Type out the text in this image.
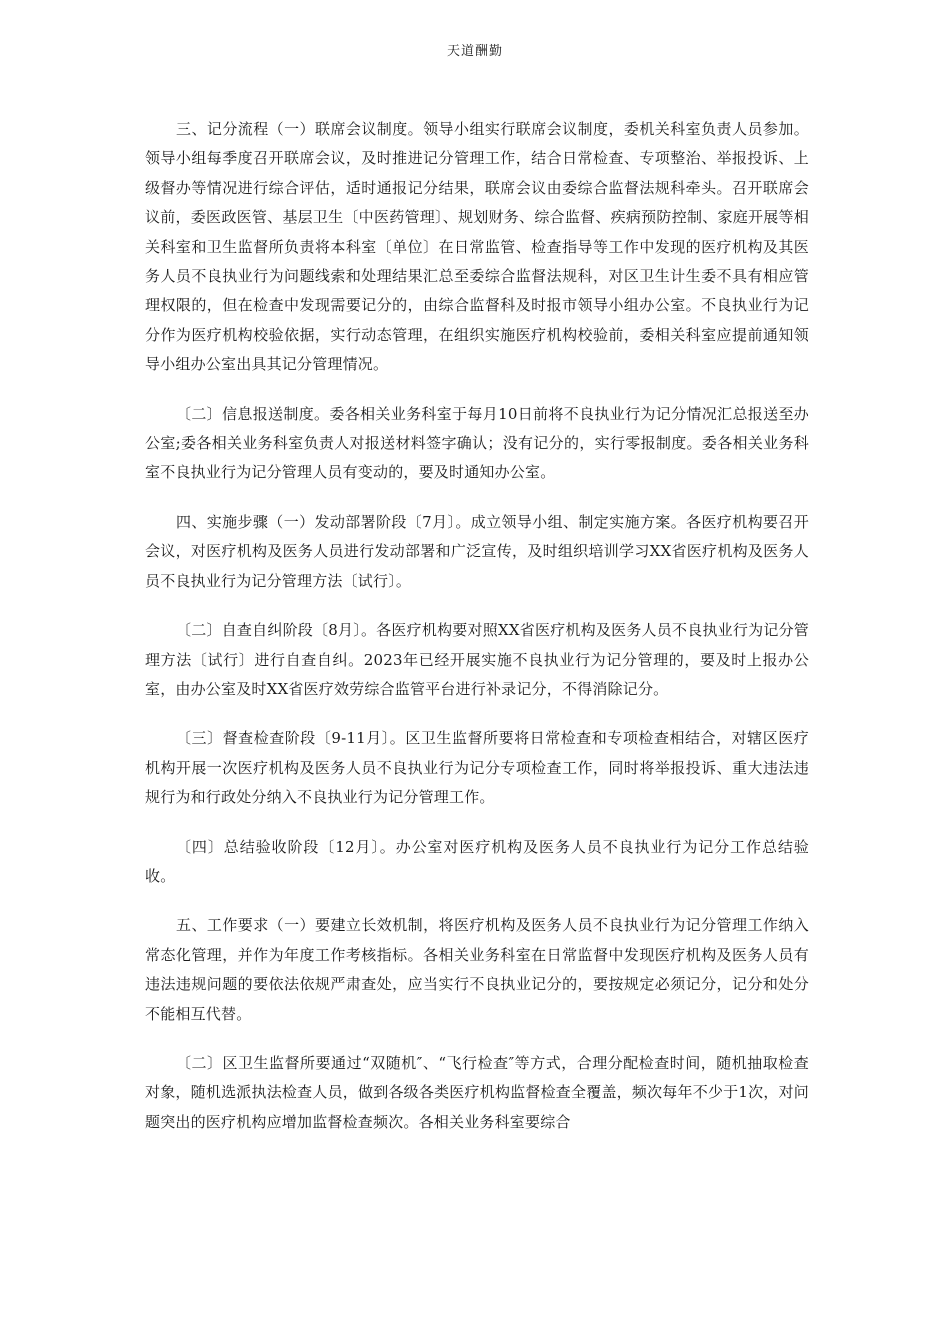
天道酬勤

三、记分流程（一）联席会议制度。领导小组实行联席会议制度，委机关科室负责人员参加。领导小组每季度召开联席会议，及时推进记分管理工作，结合日常检查、专项整治、举报投诉、上级督办等情况进行综合评估，适时通报记分结果，联席会议由委综合监督法规科牵头。召开联席会议前，委医政医管、基层卫生〔中医药管理〕、规划财务、综合监督、疾病预防控制、家庭开展等相关科室和卫生监督所负责将本科室〔单位〕在日常监管、检查指导等工作中发现的医疗机构及其医务人员不良执业行为问题线索和处理结果汇总至委综合监督法规科，对区卫生计生委不具有相应管理权限的，但在检查中发现需要记分的，由综合监督科及时报市领导小组办公室。不良执业行为记分作为医疗机构校验依据，实行动态管理，在组织实施医疗机构校验前，委相关科室应提前通知领导小组办公室出具其记分管理情况。

〔二〕信息报送制度。委各相关业务科室于每月10日前将不良执业行为记分情况汇总报送至办公室;委各相关业务科室负责人对报送材料签字确认；没有记分的，实行零报制度。委各相关业务科室不良执业行为记分管理人员有变动的，要及时通知办公室。

四、实施步骤（一）发动部署阶段〔7月〕。成立领导小组、制定实施方案。各医疗机构要召开会议，对医疗机构及医务人员进行发动部署和广泛宣传，及时组织培训学习XX省医疗机构及医务人员不良执业行为记分管理方法〔试行〕。

〔二〕自查自纠阶段〔8月〕。各医疗机构要对照XX省医疗机构及医务人员不良执业行为记分管理方法〔试行〕进行自查自纠。2023年已经开展实施不良执业行为记分管理的，要及时上报办公室，由办公室及时XX省医疗效劳综合监管平台进行补录记分，不得消除记分。

〔三〕督查检查阶段〔9-11月〕。区卫生监督所要将日常检查和专项检查相结合，对辖区医疗机构开展一次医疗机构及医务人员不良执业行为记分专项检查工作，同时将举报投诉、重大违法违规行为和行政处分纳入不良执业行为记分管理工作。

〔四〕总结验收阶段〔12月〕。办公室对医疗机构及医务人员不良执业行为记分工作总结验收。

五、工作要求（一）要建立长效机制，将医疗机构及医务人员不良执业行为记分管理工作纳入常态化管理，并作为年度工作考核指标。各相关业务科室在日常监督中发现医疗机构及医务人员有违法违规问题的要依法依规严肃查处，应当实行不良执业记分的，要按规定必须记分，记分和处分不能相互代替。

〔二〕区卫生监督所要通过“双随机″、“飞行检查″等方式，合理分配检查时间，随机抽取检查对象，随机选派执法检查人员，做到各级各类医疗机构监督检查全覆盖，频次每年不少于1次，对问题突出的医疗机构应增加监督检查频次。各相关业务科室要综合
